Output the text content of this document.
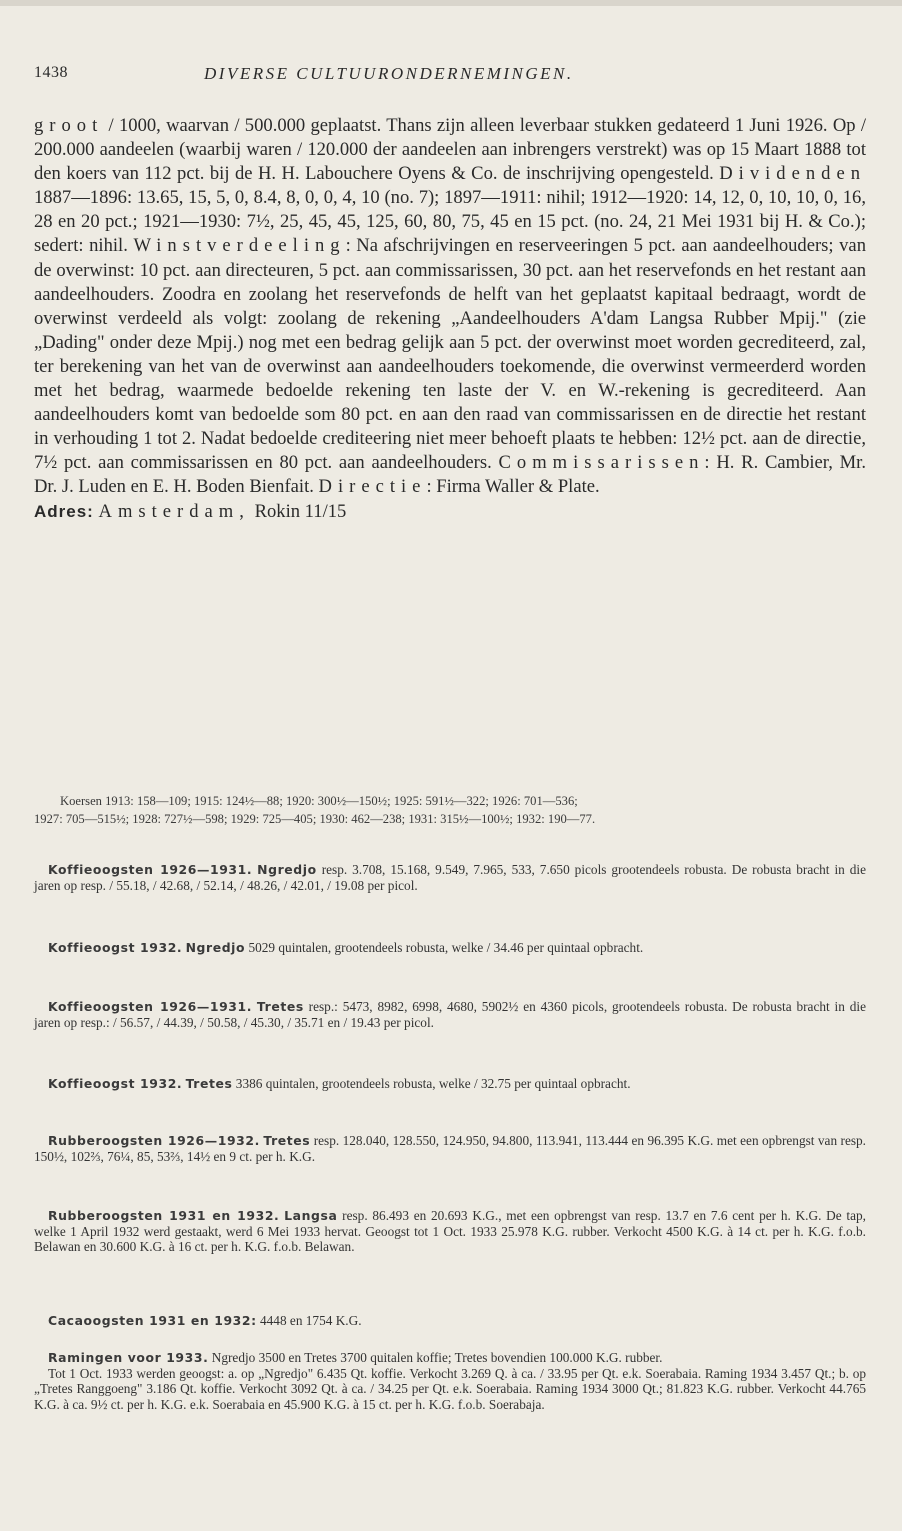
1438	DIVERSE CULTUURONDERNEMINGEN.
groot / 1000, waarvan / 500.000 geplaatst. Thans zijn alleen leverbaar stukken gedateerd 1 Juni 1926. Op / 200.000 aandeelen (waarbij waren / 120.000 der aandeelen aan inbrengers verstrekt) was op 15 Maart 1888 tot den koers van 112 pct. bij de H. H. Labouchere Oyens & Co. de inschrijving opengesteld. Dividenden 1887—1896: 13.65, 15, 5, 0, 8.4, 8, 0, 0, 4, 10 (no. 7); 1897—1911: nihil; 1912—1920: 14, 12, 0, 10, 10, 0, 16, 28 en 20 pct.; 1921—1930: 7½, 25, 45, 45, 125, 60, 80, 75, 45 en 15 pct. (no. 24, 21 Mei 1931 bij H. & Co.); sedert: nihil. Winstverdeeling: Na afschrijvingen en reserveeringen 5 pct. aan aandeelhouders; van de overwinst: 10 pct. aan directeuren, 5 pct. aan commissarissen, 30 pct. aan het reservefonds en het restant aan aandeelhouders. Zoodra en zoolang het reservefonds de helft van het geplaatst kapitaal bedraagt, wordt de overwinst verdeeld als volgt: zoolang de rekening „Aandeelhouders A'dam Langsa Rubber Mpij." (zie „Dading" onder deze Mpij.) nog met een bedrag gelijk aan 5 pct. der overwinst moet worden gecrediteerd, zal, ter berekening van het van de overwinst aan aandeelhouders toekomende, die overwinst vermeerderd worden met het bedrag, waarmede bedoelde rekening ten laste der V. en W.-rekening is gecrediteerd. Aan aandeelhouders komt van bedoelde som 80 pct. en aan den raad van commissarissen en de directie het restant in verhouding 1 tot 2. Nadat bedoelde crediteering niet meer behoeft plaats te hebben: 12½ pct. aan de directie, 7½ pct. aan commissarissen en 80 pct. aan aandeelhouders. Commissarissen: H. R. Cambier, Mr. Dr. J. Luden en E. H. Boden Bienfait. Directie: Firma Waller & Plate.
Adres: Amsterdam, Rokin 11/15
Koersen 1913: 158—109; 1915: 124½—88; 1920: 300½—150½; 1925: 591½—322; 1926: 701—536;
1927: 705—515½; 1928: 727½—598; 1929: 725—405; 1930: 462—238; 1931: 315½—100½; 1932: 190—77.
Koffieoogsten 1926—1931. Ngredjo resp. 3.708, 15.168, 9.549, 7.965, 533, 7.650 picols grootendeels robusta. De robusta bracht in die jaren op resp. / 55.18, / 42.68, / 52.14, / 48.26, / 42.01, / 19.08 per picol.
Koffieoogst 1932. Ngredjo 5029 quintalen, grootendeels robusta, welke / 34.46 per quintaal opbracht.
Koffieoogsten 1926—1931. Tretes resp.: 5473, 8982, 6998, 4680, 5902½ en 4360 picols, grootendeels robusta. De robusta bracht in die jaren op resp.: / 56.57, / 44.39, / 50.58, / 45.30, / 35.71 en / 19.43 per picol.
Koffieoogst 1932. Tretes 3386 quintalen, grootendeels robusta, welke / 32.75 per quintaal opbracht.
Rubberoogsten 1926—1932. Tretes resp. 128.040, 128.550, 124.950, 94.800, 113.941, 113.444 en 96.395 K.G. met een opbrengst van resp. 150½, 102⅔, 76¼, 85, 53⅔, 14½ en 9 ct. per h. K.G.
Rubberoogsten 1931 en 1932. Langsa resp. 86.493 en 20.693 K.G., met een opbrengst van resp. 13.7 en 7.6 cent per h. K.G. De tap, welke 1 April 1932 werd gestaakt, werd 6 Mei 1933 hervat. Geoogst tot 1 Oct. 1933 25.978 K.G. rubber. Verkocht 4500 K.G. à 14 ct. per h. K.G. f.o.b. Belawan en 30.600 K.G. à 16 ct. per h. K.G. f.o.b. Belawan.
Cacaoogsten 1931 en 1932: 4448 en 1754 K.G.
Ramingen voor 1933. Ngredjo 3500 en Tretes 3700 quitalen koffie; Tretes bovendien 100.000 K.G. rubber.
Tot 1 Oct. 1933 werden geoogst: a. op „Ngredjo" 6.435 Qt. koffie. Verkocht 3.269 Q. à ca. / 33.95 per Qt. e.k. Soerabaia. Raming 1934 3.457 Qt.; b. op „Tretes Ranggoeng" 3.186 Qt. koffie. Verkocht 3092 Qt. à ca. / 34.25 per Qt. e.k. Soerabaia. Raming 1934 3000 Qt.; 81.823 K.G. rubber. Verkocht 44.765 K.G. à ca. 9½ ct. per h. K.G. e.k. Soerabaia en 45.900 K.G. à 15 ct. per h. K.G. f.o.b. Soerabaja.
